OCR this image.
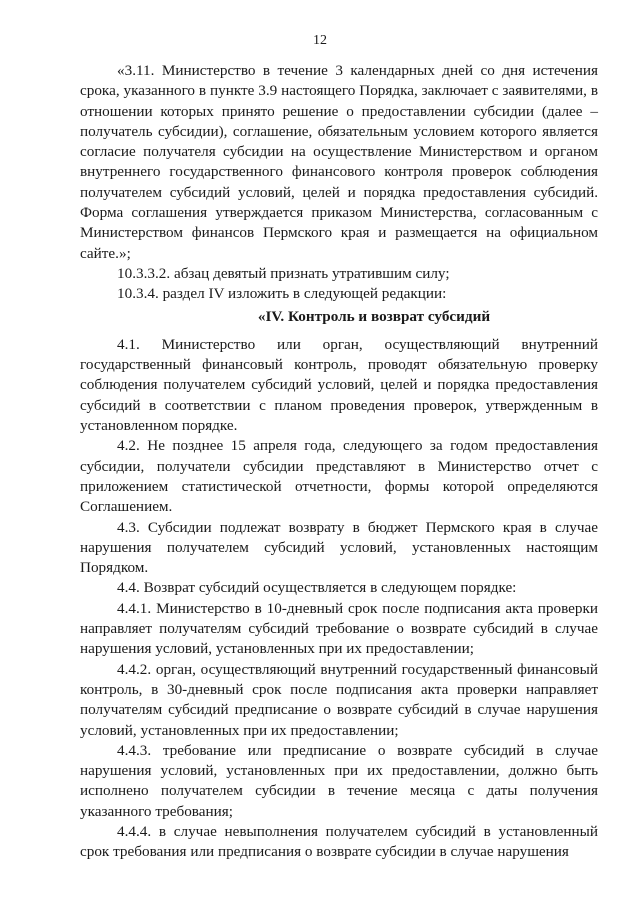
12

«3.11. Министерство в течение 3 календарных дней со дня истечения срока, указанного в пункте 3.9 настоящего Порядка, заключает с заявителями, в отношении которых принято решение о предоставлении субсидии (далее – получатель субсидии), соглашение, обязательным условием которого является согласие получателя субсидии на осуществление Министерством и органом внутреннего государственного финансового контроля проверок соблюдения получателем субсидий условий, целей и порядка предоставления субсидий. Форма соглашения утверждается приказом Министерства, согласованным с Министерством финансов Пермского края и размещается на официальном сайте.»;

10.3.3.2. абзац девятый признать утратившим силу;

10.3.4. раздел IV изложить в следующей редакции:

«IV. Контроль и возврат субсидий

4.1. Министерство или орган, осуществляющий внутренний государственный финансовый контроль, проводят обязательную проверку соблюдения получателем субсидий условий, целей и порядка предоставления субсидий в соответствии с планом проведения проверок, утвержденным в установленном порядке.

4.2. Не позднее 15 апреля года, следующего за годом предоставления субсидии, получатели субсидии представляют в Министерство отчет с приложением статистической отчетности, формы которой определяются Соглашением.

4.3. Субсидии подлежат возврату в бюджет Пермского края в случае нарушения получателем субсидий условий, установленных настоящим Порядком.

4.4. Возврат субсидий осуществляется в следующем порядке:

4.4.1. Министерство в 10-дневный срок после подписания акта проверки направляет получателям субсидий требование о возврате субсидий в случае нарушения условий, установленных при их предоставлении;

4.4.2. орган, осуществляющий внутренний государственный финансовый контроль, в 30-дневный срок после подписания акта проверки направляет получателям субсидий предписание о возврате субсидий в случае нарушения условий, установленных при их предоставлении;

4.4.3. требование или предписание о возврате субсидий в случае нарушения условий, установленных при их предоставлении, должно быть исполнено получателем субсидии в течение месяца с даты получения указанного требования;

4.4.4. в случае невыполнения получателем субсидий в установленный срок требования или предписания о возврате субсидии в случае нарушения
